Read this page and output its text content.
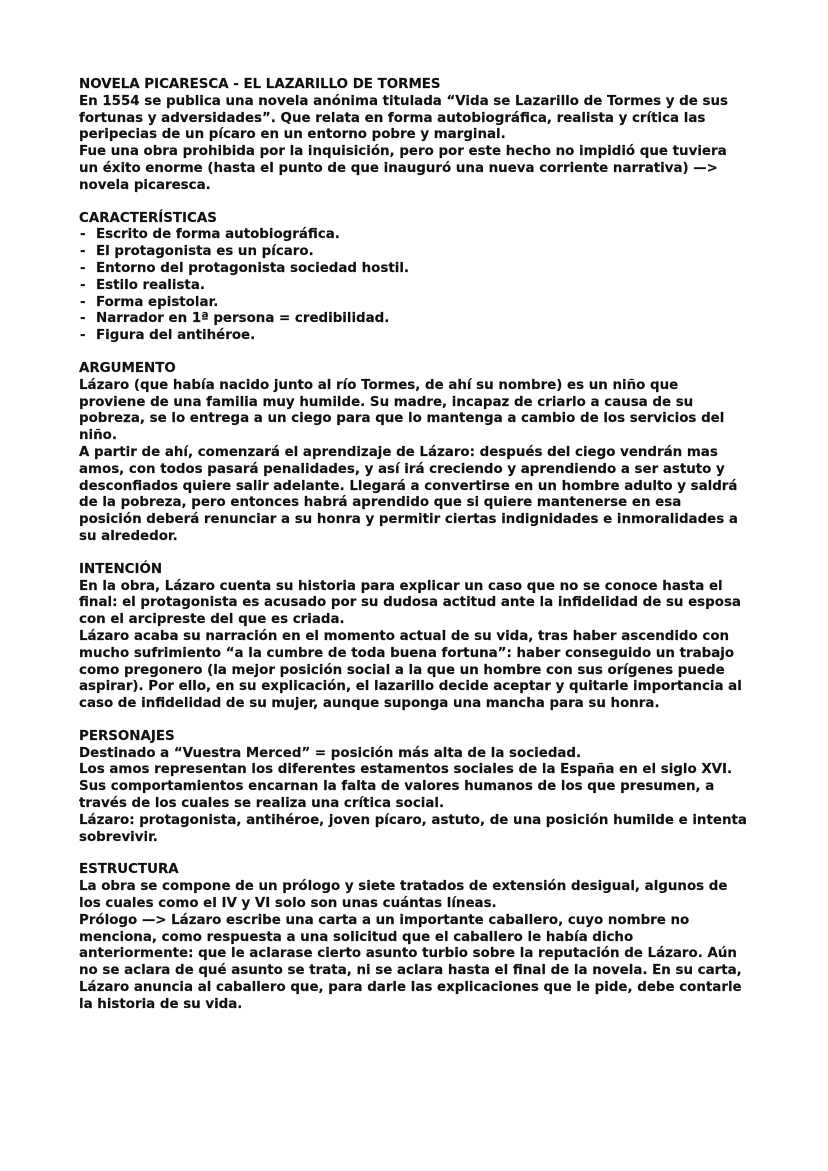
NOVELA PICARESCA - EL LAZARILLO DE TORMES

En 1554 se publica una novela anónima titulada “Vida se Lazarillo de Tormes y de sus fortunas y adversidades”. Que relata en forma autobiográfica, realista y crítica las peripecias de un pícaro en un entorno pobre y marginal.

Fue una obra prohibida por la inquisición, pero por este hecho no impidió que tuviera un éxito enorme (hasta el punto de que inauguró una nueva corriente narrativa) —> novela picaresca.

CARACTERÍSTICAS

- Escrito de forma autobiográfica.
- El protagonista es un pícaro.
- Entorno del protagonista sociedad hostil.
- Estilo realista.
- Forma epistolar.
- Narrador en 1ª persona = credibilidad.
- Figura del antihéroe.

ARGUMENTO

Lázaro (que había nacido junto al río Tormes, de ahí su nombre) es un niño que proviene de una familia muy humilde. Su madre, incapaz de criarlo a causa de su pobreza, se lo entrega a un ciego para que lo mantenga a cambio de los servicios del niño.

A partir de ahí, comenzará el aprendizaje de Lázaro: después del ciego vendrán mas amos, con todos pasará penalidades, y así irá creciendo y aprendiendo a ser astuto y desconfiados quiere salir adelante. Llegará a convertirse en un hombre adulto y saldrá de la pobreza, pero entonces habrá aprendido que si quiere mantenerse en esa posición deberá renunciar a su honra y permitir ciertas indignidades e inmoralidades a su alrededor.

INTENCIÓN

En la obra, Lázaro cuenta su historia para explicar un caso que no se conoce hasta el final: el protagonista es acusado por su dudosa actitud ante la infidelidad de su esposa con el arcipreste del que es criada.

Lázaro acaba su narración en el momento actual de su vida, tras haber ascendido con mucho sufrimiento “a la cumbre de toda buena fortuna”: haber conseguido un trabajo como pregonero (la mejor posición social a la que un hombre con sus orígenes puede aspirar). Por ello, en su explicación, el lazarillo decide aceptar y quitarle importancia al caso de infidelidad de su mujer, aunque suponga una mancha para su honra.

PERSONAJES

Destinado a “Vuestra Merced” = posición más alta de la sociedad.

Los amos representan los diferentes estamentos sociales de la España en el siglo XVI. Sus comportamientos encarnan la falta de valores humanos de los que presumen, a través de los cuales se realiza una crítica social.

Lázaro: protagonista, antihéroe, joven pícaro, astuto, de una posición humilde e intenta sobrevivir.

ESTRUCTURA

La obra se compone de un prólogo y siete tratados de extensión desigual, algunos de los cuales como el IV y VI solo son unas cuántas líneas.

Prólogo —> Lázaro escribe una carta a un importante caballero, cuyo nombre no menciona, como respuesta a una solicitud que el caballero le había dicho anteriormente: que le aclarase cierto asunto turbio sobre la reputación de Lázaro. Aún no se aclara de qué asunto se trata, ni se aclara hasta el final de la novela. En su carta, Lázaro anuncia al caballero que, para darle las explicaciones que le pide, debe contarle la historia de su vida.
